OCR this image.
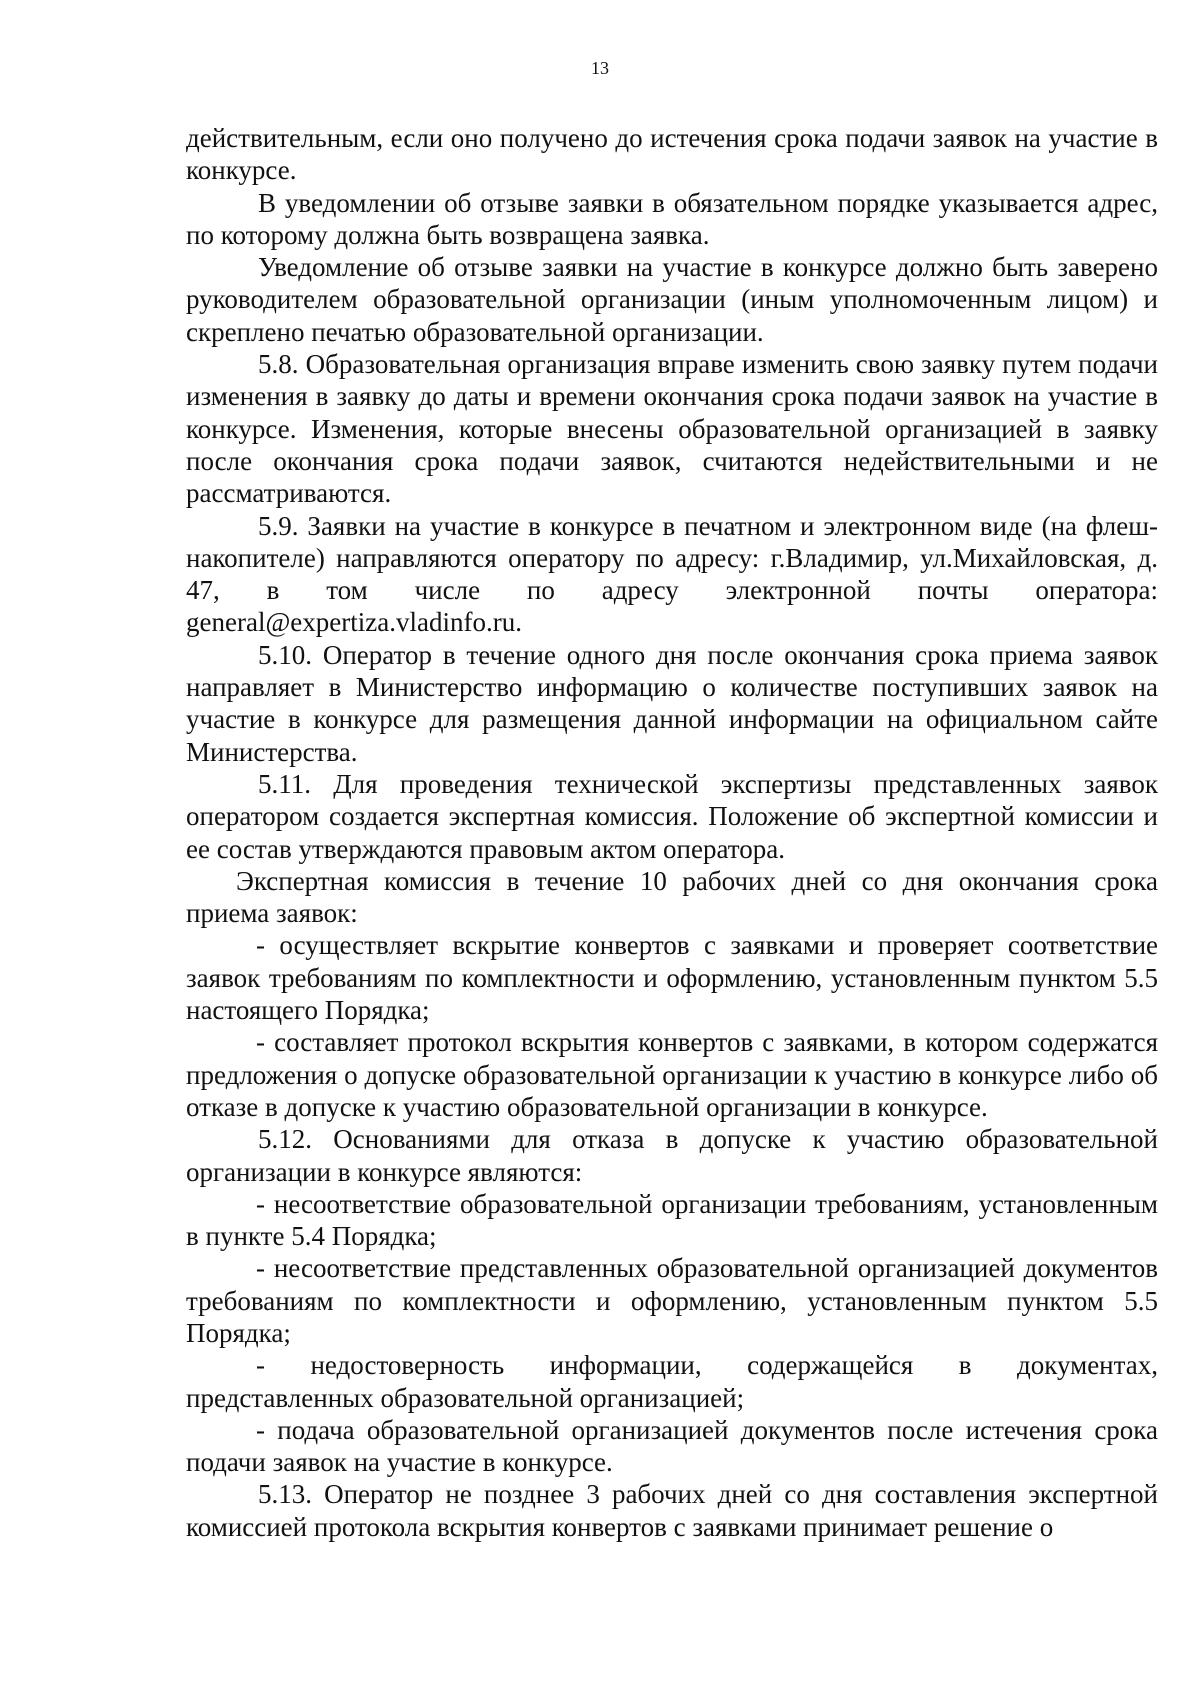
13

действительным, если оно получено до истечения срока подачи заявок на участие в конкурсе.

В уведомлении об отзыве заявки в обязательном порядке указывается адрес, по которому должна быть возвращена заявка.

Уведомление об отзыве заявки на участие в конкурсе должно быть заверено руководителем образовательной организации (иным уполномоченным лицом) и скреплено печатью образовательной организации.

5.8. Образовательная организация вправе изменить свою заявку путем подачи изменения в заявку до даты и времени окончания срока подачи заявок на участие в конкурсе. Изменения, которые внесены образовательной организацией в заявку после окончания срока подачи заявок, считаются недействительными и не рассматриваются.

5.9. Заявки на участие в конкурсе в печатном и электронном виде (на флеш-накопителе) направляются оператору по адресу: г.Владимир, ул.Михайловская, д. 47, в том числе по адресу электронной почты оператора: general@expertiza.vladinfo.ru.

5.10. Оператор в течение одного дня после окончания срока приема заявок направляет в Министерство информацию о количестве поступивших заявок на участие в конкурсе для размещения данной информации на официальном сайте Министерства.

5.11. Для проведения технической экспертизы представленных заявок оператором создается экспертная комиссия. Положение об экспертной комиссии и ее состав утверждаются правовым актом оператора.

Экспертная комиссия в течение 10 рабочих дней со дня окончания срока приема заявок:

- осуществляет вскрытие конвертов с заявками и проверяет соответствие заявок требованиям по комплектности и оформлению, установленным пунктом 5.5 настоящего Порядка;

- составляет протокол вскрытия конвертов с заявками, в котором содержатся предложения о допуске образовательной организации к участию в конкурсе либо об отказе в допуске к участию образовательной организации в конкурсе.

5.12. Основаниями для отказа в допуске к участию образовательной организации в конкурсе являются:

- несоответствие образовательной организации требованиям, установленным в пункте 5.4 Порядка;

- несоответствие представленных образовательной организацией документов требованиям по комплектности и оформлению, установленным пунктом 5.5 Порядка;

- недостоверность информации, содержащейся в документах, представленных образовательной организацией;

- подача образовательной организацией документов после истечения срока подачи заявок на участие в конкурсе.

5.13. Оператор не позднее 3 рабочих дней со дня составления экспертной комиссией протокола вскрытия конвертов с заявками принимает решение о
